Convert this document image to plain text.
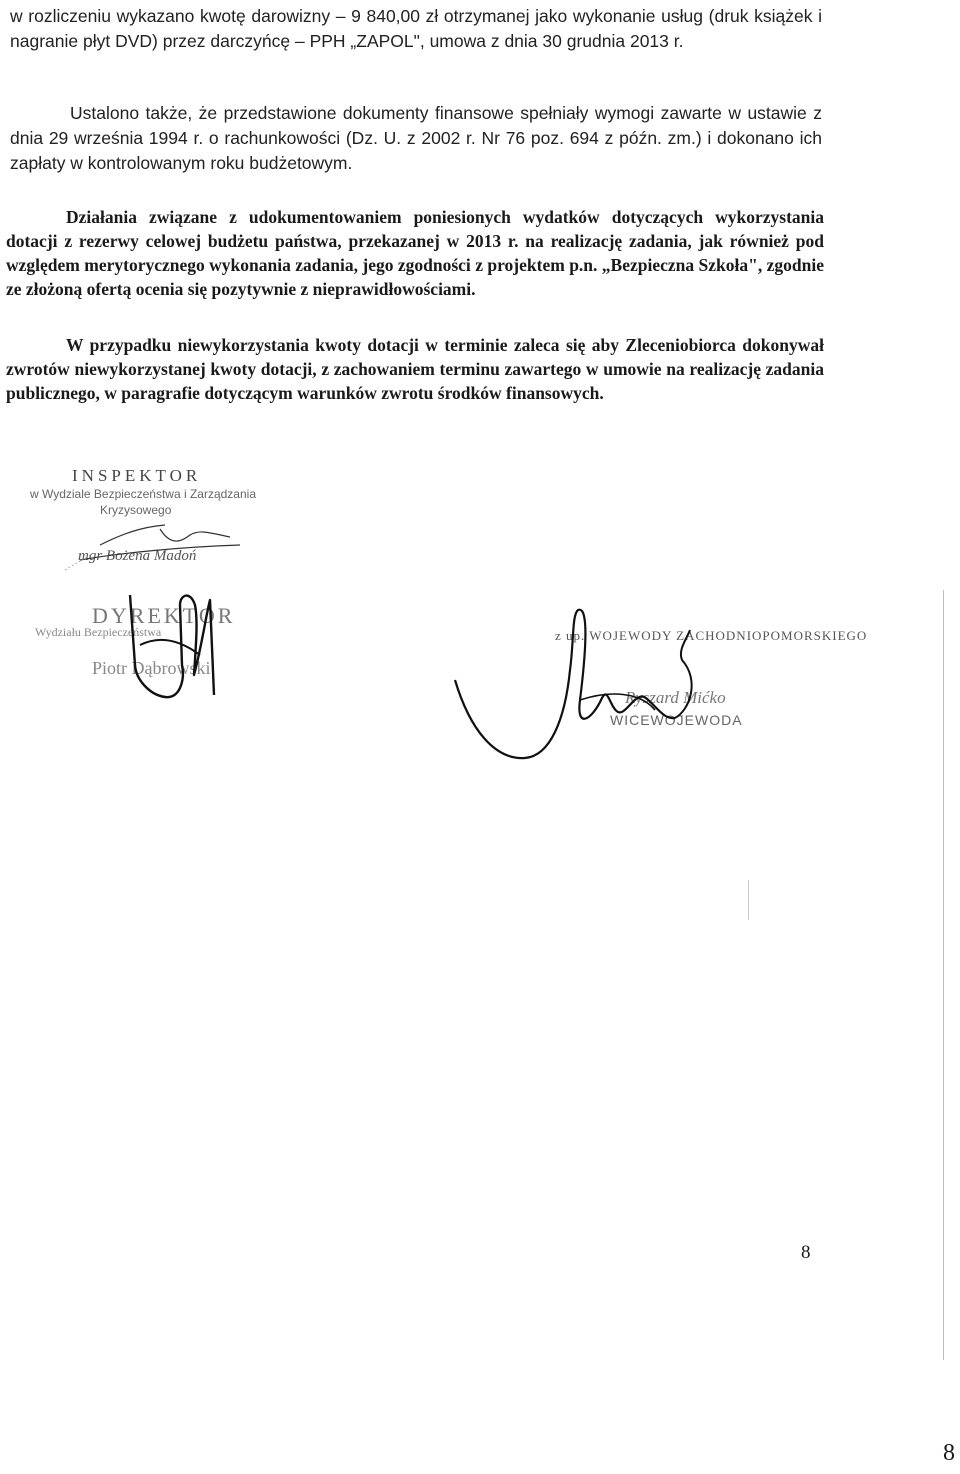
w rozliczeniu wykazano kwotę darowizny – 9 840,00 zł otrzymanej jako wykonanie usług (druk książek i nagranie płyt DVD) przez darczyńcę – PPH „ZAPOL", umowa z dnia 30 grudnia 2013 r.

Ustalono także, że przedstawione dokumenty finansowe spełniały wymogi zawarte w ustawie z dnia 29 września 1994 r. o rachunkowości (Dz. U. z 2002 r. Nr 76 poz. 694 z późn. zm.) i dokonano ich zapłaty w kontrolowanym roku budżetowym.

Działania związane z udokumentowaniem poniesionych wydatków dotyczących wykorzystania dotacji z rezerwy celowej budżetu państwa, przekazanej w 2013 r. na realizację zadania, jak również pod względem merytorycznego wykonania zadania, jego zgodności z projektem p.n. „Bezpieczna Szkoła", zgodnie ze złożoną ofertą ocenia się pozytywnie z nieprawidłowościami.

W przypadku niewykorzystania kwoty dotacji w terminie zaleca się aby Zleceniobiorca dokonywał zwrotów niewykorzystanej kwoty dotacji, z zachowaniem terminu zawartego w umowie na realizację zadania publicznego, w paragrafie dotyczącym warunków zwrotu środków finansowych.

INSPEKTOR
w Wydziale Bezpieczeństwa i Zarządzania
Kryzysowego
mgr Bożena Madoń
DYREKTOR
Wydziału Bezpieczeństwa
Piotr Dąbrowski
z up. WOJEWODY ZACHODNIOPOMORSKIEGO
Ryszard Mićko
WICEWOJEWODA
8
8
